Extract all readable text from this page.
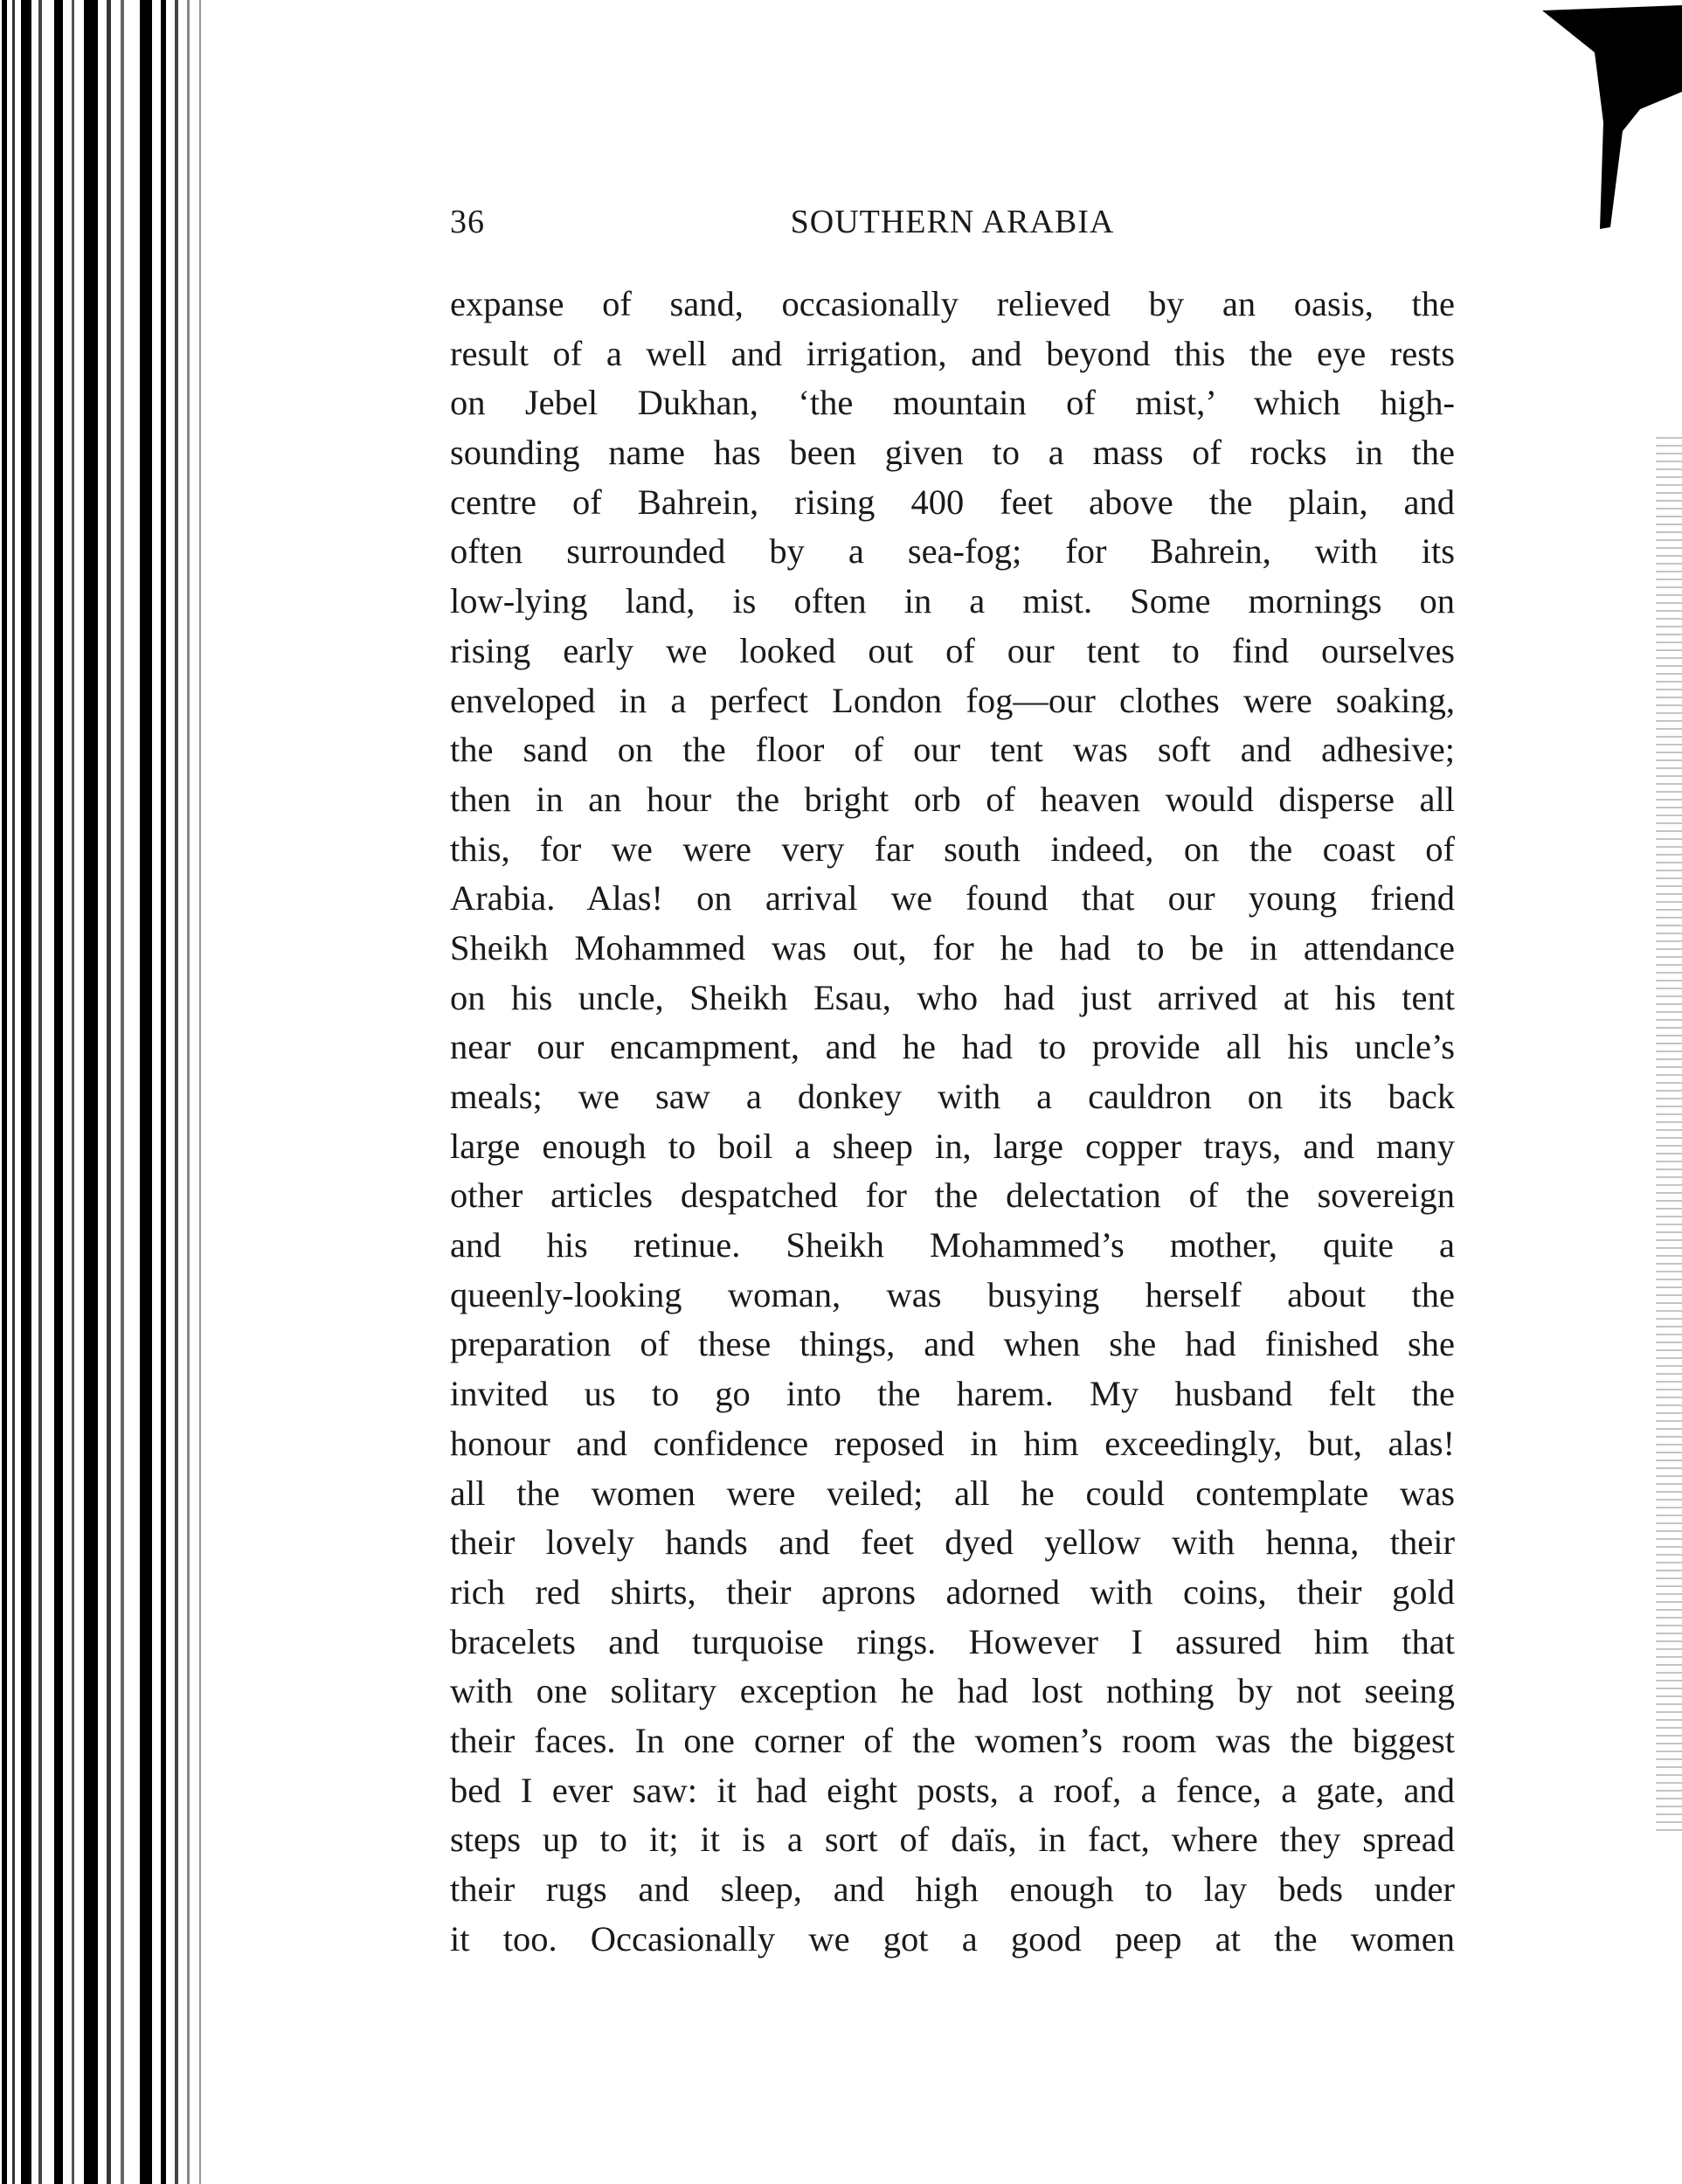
36	SOUTHERN ARABIA
expanse of sand, occasionally relieved by an oasis, the
result of a well and irrigation, and beyond this the eye rests
on Jebel Dukhan, ‘the mountain of mist,’ which high-
sounding name has been given to a mass of rocks in the
centre of Bahrein, rising 400 feet above the plain, and
often surrounded by a sea-fog; for Bahrein, with its
low-lying land, is often in a mist. Some mornings on
rising early we looked out of our tent to find ourselves
enveloped in a perfect London fog—our clothes were soaking,
the sand on the floor of our tent was soft and adhesive;
then in an hour the bright orb of heaven would disperse all
this, for we were very far south indeed, on the coast of
Arabia. Alas! on arrival we found that our young friend
Sheikh Mohammed was out, for he had to be in attendance
on his uncle, Sheikh Esau, who had just arrived at his tent
near our encampment, and he had to provide all his uncle’s
meals; we saw a donkey with a cauldron on its back
large enough to boil a sheep in, large copper trays, and many
other articles despatched for the delectation of the sovereign
and his retinue. Sheikh Mohammed’s mother, quite a
queenly-looking woman, was busying herself about the
preparation of these things, and when she had finished she
invited us to go into the harem. My husband felt the
honour and confidence reposed in him exceedingly, but, alas!
all the women were veiled; all he could contemplate was
their lovely hands and feet dyed yellow with henna, their
rich red shirts, their aprons adorned with coins, their gold
bracelets and turquoise rings. However I assured him that
with one solitary exception he had lost nothing by not seeing
their faces. In one corner of the women’s room was the biggest
bed I ever saw: it had eight posts, a roof, a fence, a gate, and
steps up to it; it is a sort of daïs, in fact, where they spread
their rugs and sleep, and high enough to lay beds under
it too. Occasionally we got a good peep at the women
